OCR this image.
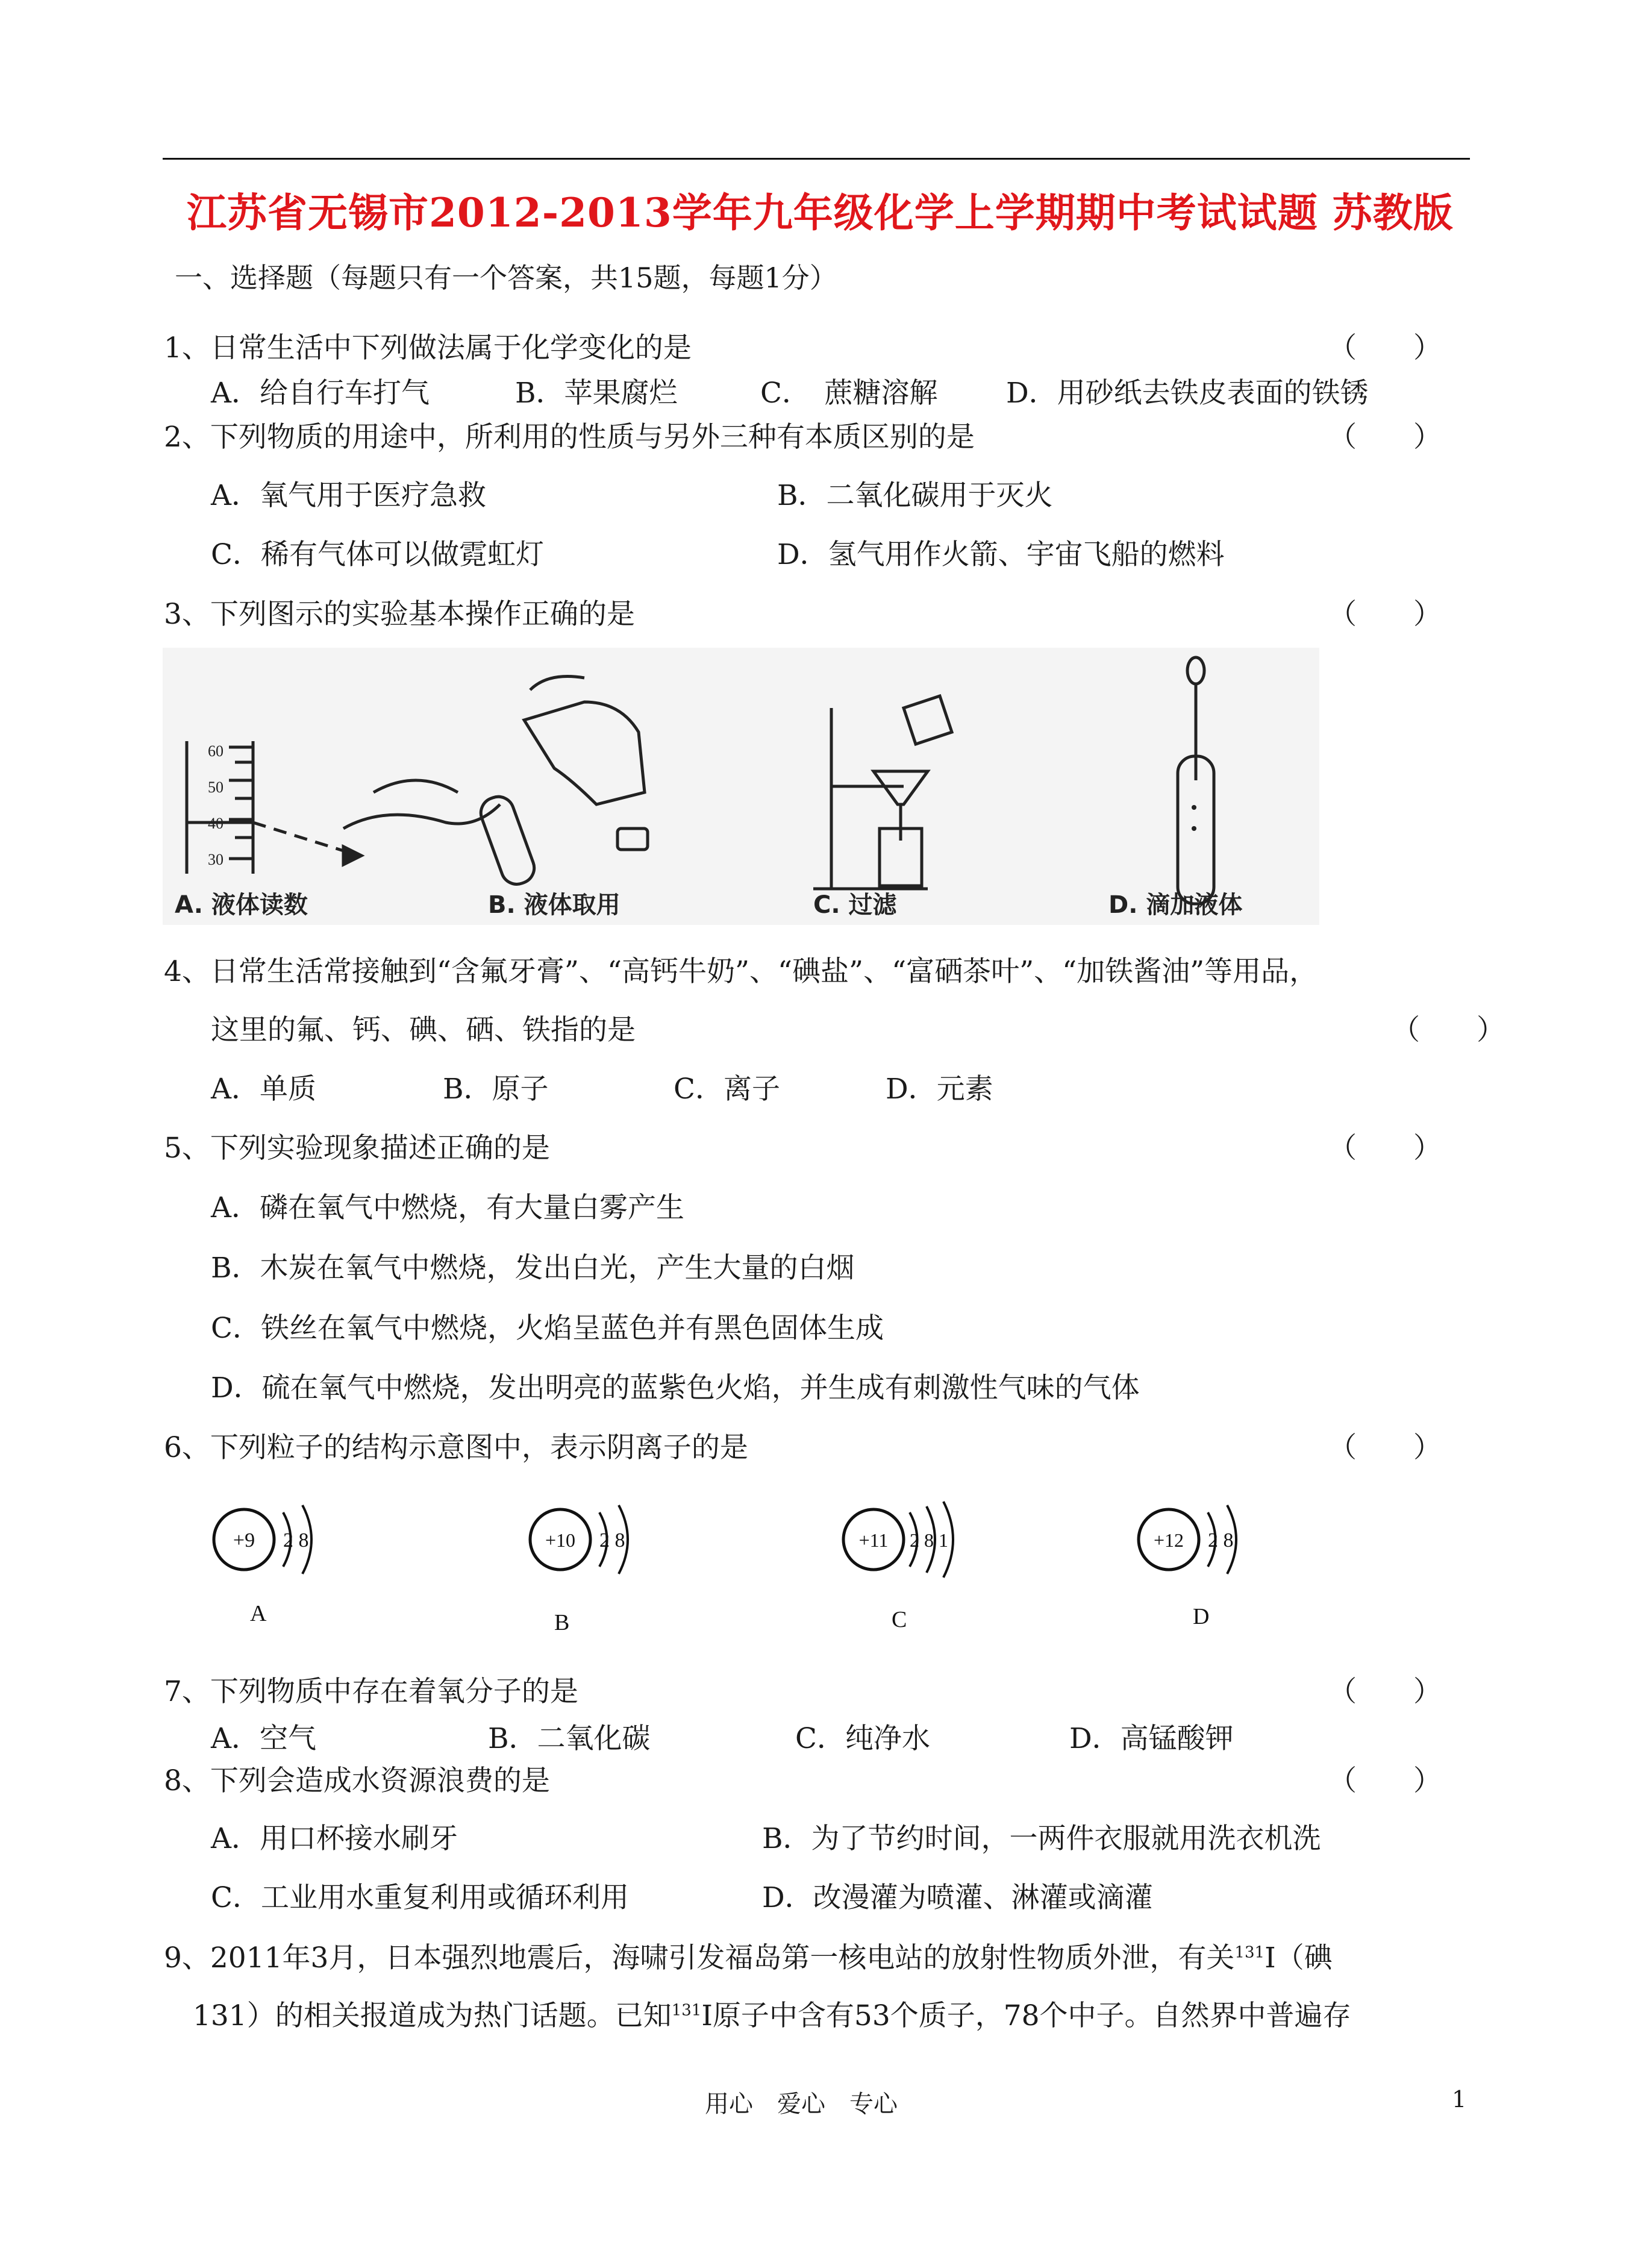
江苏省无锡市2012-2013学年九年级化学上学期期中考试试题 苏教版
一、选择题（每题只有一个答案，共15题，每题1分）
1、日常生活中下列做法属于化学变化的是	（　　）
A．给自行车打气	B．苹果腐烂	C．　蔗糖溶解 D．用砂纸去铁皮表面的铁锈
2、下列物质的用途中，所利用的性质与另外三种有本质区别的是	（　　）
A．氧气用于医疗急救	B．二氧化碳用于灭火
C．稀有气体可以做霓虹灯	D．氢气用作火箭、宇宙飞船的燃料
3、下列图示的实验基本操作正确的是	（　　）
60
50
40
30
A. 液体读数	B. 液体取用	C. 过滤	D. 滴加液体
4、日常生活常接触到“含氟牙膏”、“高钙牛奶”、“碘盐”、“富硒茶叶”、“加铁酱油”等用品，
这里的氟、钙、碘、硒、铁指的是	（　　）
A．单质	B．原子	C．离子	D．元素
5、下列实验现象描述正确的是	（　　）
A．磷在氧气中燃烧，有大量白雾产生
B．木炭在氧气中燃烧，发出白光，产生大量的白烟
C．铁丝在氧气中燃烧，火焰呈蓝色并有黑色固体生成
D．硫在氧气中燃烧，发出明亮的蓝紫色火焰，并生成有刺激性气味的气体
6、下列粒子的结构示意图中，表示阴离子的是	（　　）
+9 2 8
A
+10 2 8
B
+11 2 8 1
C
+12 2 8
D
7、下列物质中存在着氧分子的是	（　　）
A．空气	B．二氧化碳	C．纯净水	D．高锰酸钾
8、下列会造成水资源浪费的是	（　　）
A．用口杯接水刷牙	B．为了节约时间，一两件衣服就用洗衣机洗
C．工业用水重复利用或循环利用	D．改漫灌为喷灌、淋灌或滴灌
9、2011年3月，日本强烈地震后，海啸引发福岛第一核电站的放射性物质外泄，有关$^{131}$I（碘
131）的相关报道成为热门话题。已知$^{131}$I原子中含有53个质子，78个中子。自然界中普遍存
用心　爱心　专心	1
